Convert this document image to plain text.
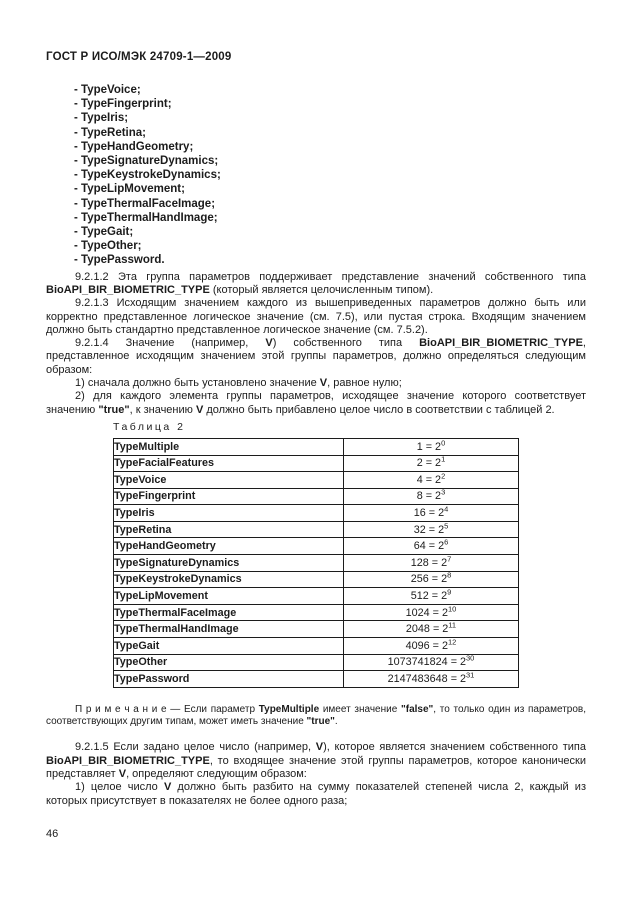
ГОСТ Р ИСО/МЭК 24709-1—2009
- TypeVoice;
- TypeFingerprint;
- TypeIris;
- TypeRetina;
- TypeHandGeometry;
- TypeSignatureDynamics;
- TypeKeystrokeDynamics;
- TypeLipMovement;
- TypeThermalFaceImage;
- TypeThermalHandImage;
- TypeGait;
- TypeOther;
- TypePassword.
9.2.1.2 Эта группа параметров поддерживает представление значений собственного типа BioAPI_BIR_BIOMETRIC_TYPE (который является целочисленным типом).
9.2.1.3 Исходящим значением каждого из вышеприведенных параметров должно быть или корректно представленное логическое значение (см. 7.5), или пустая строка. Входящим значением должно быть стандартно представленное логическое значение (см. 7.5.2).
9.2.1.4 Значение (например, V) собственного типа BioAPI_BIR_BIOMETRIC_TYPE, представленное исходящим значением этой группы параметров, должно определяться следующим образом:
1) сначала должно быть установлено значение V, равное нулю;
2) для каждого элемента группы параметров, исходящее значение которого соответствует значению "true", к значению V должно быть прибавлено целое число в соответствии с таблицей 2.
Таблица 2
TypeMultiple	$1 = 2^0$
TypeFacialFeatures	$2 = 2^1$
TypeVoice	$4 = 2^2$
TypeFingerprint	$8 = 2^3$
TypeIris	$16 = 2^4$
TypeRetina	$32 = 2^5$
TypeHandGeometry	$64 = 2^6$
TypeSignatureDynamics	$128 = 2^7$
TypeKeystrokeDynamics	$256 = 2^8$
TypeLipMovement	$512 = 2^9$
TypeThermalFaceImage	$1024 = 2^{10}$
TypeThermalHandImage	$2048 = 2^{11}$
TypeGait	$4096 = 2^{12}$
TypeOther	$1073741824 = 2^{30}$
TypePassword	$2147483648 = 2^{31}$
П р и м е ч а н и е — Если параметр TypeMultiple имеет значение "false", то только один из параметров, соответствующих другим типам, может иметь значение "true".
9.2.1.5 Если задано целое число (например, V), которое является значением собственного типа BioAPI_BIR_BIOMETRIC_TYPE, то входящее значение этой группы параметров, которое канонически представляет V, определяют следующим образом:
1) целое число V должно быть разбито на сумму показателей степеней числа 2, каждый из которых присутствует в показателях не более одного раза;
46
